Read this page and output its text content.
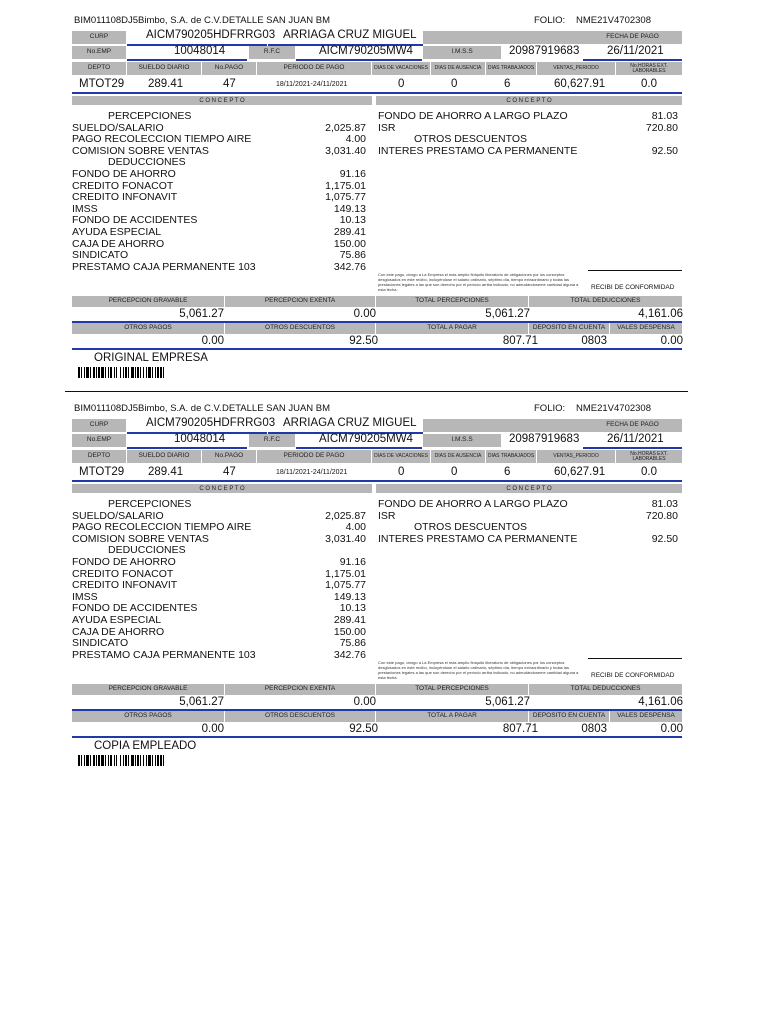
BIM011108DJ5 Bimbo, S.A. de C.V. DETALLE SAN JUAN BM	FOLIO: NME21V4702308
CURP	AICM790205HDFRRG03 ARRIAGA CRUZ MIGUEL	FECHA DE PAGO
No.EMP	10048014	R.F.C	AICM790205MW4	I.M.S.S	20987919683 26/11/2021
DEPTO	SUELDO DIARIO	No.PAGO	PERIODO DE PAGO	DIAS DE VACACIONES	DIAS DE AUSENCIA	DIAS TRABAJADOS	VENTAS_PERIODO	No.HORAS EXT. LABORABLES
MTOT29 289.41	47	18/11/2021-24/11/2021	0	0	6	60,627.91	0.0
C O N C E P T O	C O N C E P T O
PERCEPCIONES
SUELDO/SALARIO	2,025.87
PAGO RECOLECCION TIEMPO AIRE	4.00
COMISION SOBRE VENTAS	3,031.40
DEDUCCIONES
FONDO DE AHORRO	91.16
CREDITO FONACOT	1,175.01
CREDITO INFONAVIT	1,075.77
IMSS	149.13
FONDO DE ACCIDENTES	10.13
AYUDA ESPECIAL	289.41
CAJA DE AHORRO	150.00
SINDICATO	75.86
PRESTAMO CAJA PERMANENTE 103	342.76
FONDO DE AHORRO A LARGO PLAZO	81.03
ISR	720.80
OTROS DESCUENTOS
INTERES PRESTAMO CA PERMANENTE	92.50
Con este pago, otorgo a La Empresa el más amplio finiquito liberatorio de obligaciones por los conceptos desglosados en este recibo, incluyéndose el salario ordinario, séptimo día, tiempo extraordinario y todas las prestaciones legales a las que son derecho por el período arriba indicado, no adeudándoseme cantidad alguna a esta fecha.	RECIBI DE CONFORMIDAD
PERCEPCION GRAVABLE	PERCEPCION EXENTA	TOTAL PERCEPCIONES	TOTAL DEDUCCIONES
5,061.27	0.00	5,061.27	4,161.06
OTROS PAGOS	OTROS DESCUENTOS	TOTAL A PAGAR	DEPOSITO EN CUENTA	VALES DESPENSA
0.00	92.50	807.71	0803	0.00
ORIGINAL EMPRESA
BIM011108DJ5 Bimbo, S.A. de C.V. DETALLE SAN JUAN BM	FOLIO: NME21V4702308
CURP	AICM790205HDFRRG03 ARRIAGA CRUZ MIGUEL	FECHA DE PAGO
No.EMP	10048014	R.F.C	AICM790205MW4	I.M.S.S	20987919683 26/11/2021
DEPTO	SUELDO DIARIO	No.PAGO	PERIODO DE PAGO	DIAS DE VACACIONES	DIAS DE AUSENCIA	DIAS TRABAJADOS	VENTAS_PERIODO	No.HORAS EXT. LABORABLES
MTOT29 289.41	47	18/11/2021-24/11/2021	0	0	6	60,627.91	0.0
C O N C E P T O	C O N C E P T O
PERCEPCIONES
SUELDO/SALARIO	2,025.87
PAGO RECOLECCION TIEMPO AIRE	4.00
COMISION SOBRE VENTAS	3,031.40
DEDUCCIONES
FONDO DE AHORRO	91.16
CREDITO FONACOT	1,175.01
CREDITO INFONAVIT	1,075.77
IMSS	149.13
FONDO DE ACCIDENTES	10.13
AYUDA ESPECIAL	289.41
CAJA DE AHORRO	150.00
SINDICATO	75.86
PRESTAMO CAJA PERMANENTE 103	342.76
FONDO DE AHORRO A LARGO PLAZO	81.03
ISR	720.80
OTROS DESCUENTOS
INTERES PRESTAMO CA PERMANENTE	92.50
Con este pago, otorgo a La Empresa el más amplio finiquito liberatorio de obligaciones por los conceptos desglosados en este recibo, incluyéndose el salario ordinario, séptimo día, tiempo extraordinario y todas las prestaciones legales a las que son derecho por el período arriba indicado, no adeudándoseme cantidad alguna a esta fecha.	RECIBI DE CONFORMIDAD
PERCEPCION GRAVABLE	PERCEPCION EXENTA	TOTAL PERCEPCIONES	TOTAL DEDUCCIONES
5,061.27	0.00	5,061.27	4,161.06
OTROS PAGOS	OTROS DESCUENTOS	TOTAL A PAGAR	DEPOSITO EN CUENTA	VALES DESPENSA
0.00	92.50	807.71	0803	0.00
COPIA EMPLEADO
